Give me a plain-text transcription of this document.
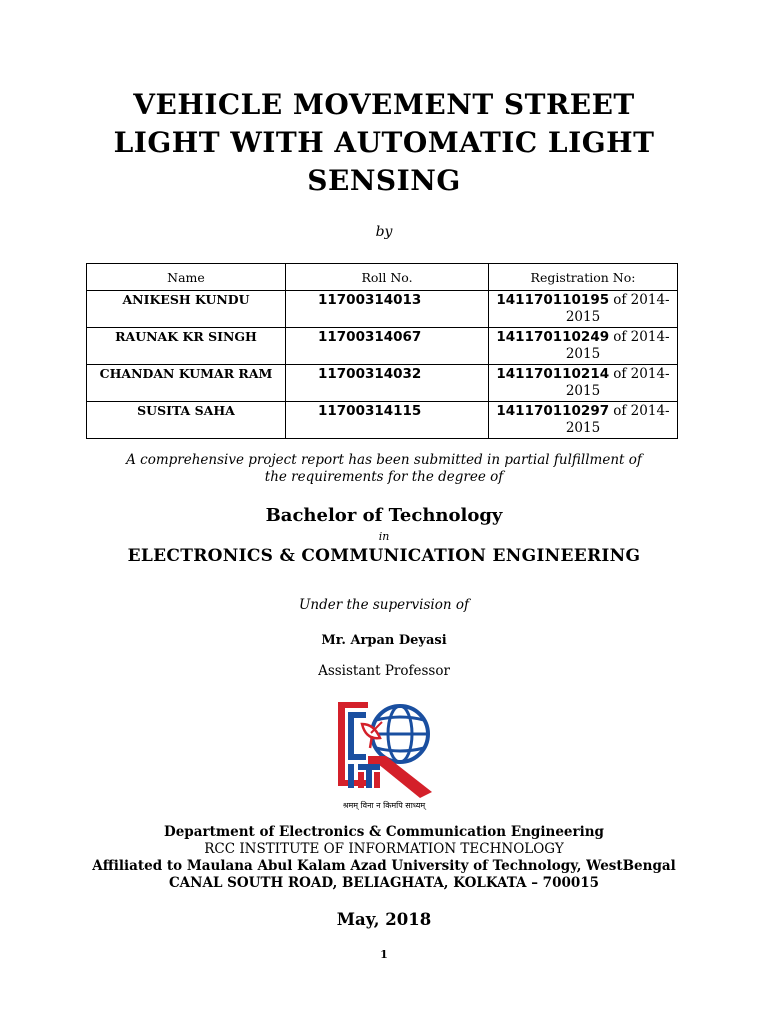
VEHICLE MOVEMENT STREET
LIGHT WITH AUTOMATIC LIGHT
SENSING
by
Name	Roll No.	Registration No:
ANIKESH KUNDU	11700314013	141170110195 of 2014-2015
RAUNAK KR SINGH	11700314067	141170110249 of 2014-2015
CHANDAN KUMAR RAM	11700314032	141170110214 of 2014-2015
SUSITA SAHA	11700314115	141170110297 of 2014-2015
A comprehensive project report has been submitted in partial fulfillment of
the requirements for the degree of
Bachelor of Technology
in
ELECTRONICS & COMMUNICATION ENGINEERING
Under the supervision of
Mr. Arpan Deyasi
Assistant Professor
श्रमम् विना न किमपि साध्यम्
Department of Electronics & Communication Engineering
RCC INSTITUTE OF INFORMATION TECHNOLOGY
Affiliated to Maulana Abul Kalam Azad University of Technology, WestBengal
CANAL SOUTH ROAD, BELIAGHATA, KOLKATA – 700015
May, 2018
1
